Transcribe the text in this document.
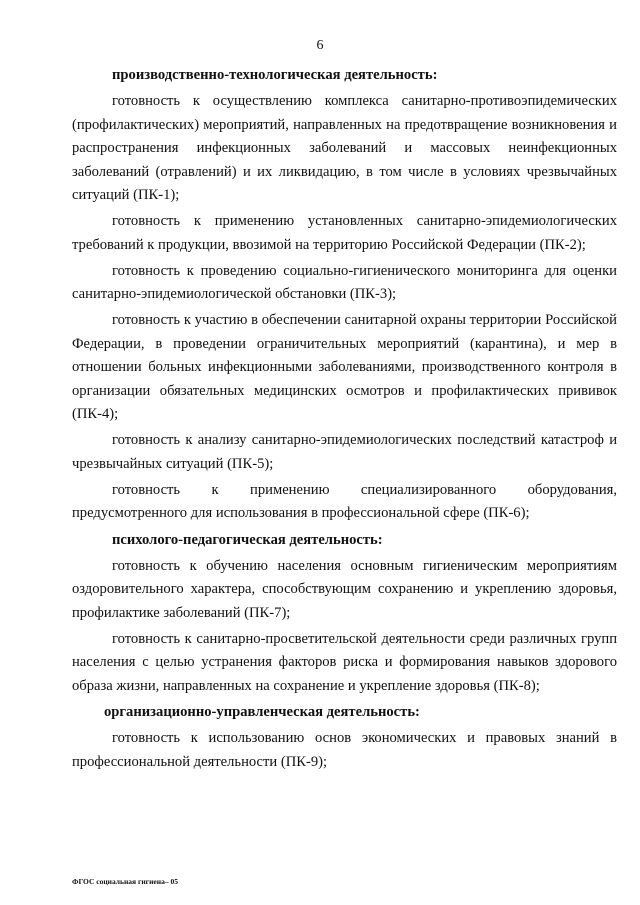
6

производственно-технологическая деятельность:

готовность к осуществлению комплекса санитарно-противоэпидемических (профилактических) мероприятий, направленных на предотвращение возникновения и распространения инфекционных заболеваний и массовых неинфекционных заболеваний (отравлений) и их ликвидацию, в том числе в условиях чрезвычайных ситуаций (ПК-1);

готовность к применению установленных санитарно-эпидемиологических требований к продукции, ввозимой на территорию Российской Федерации (ПК-2);

готовность к проведению социально-гигиенического мониторинга для оценки санитарно-эпидемиологической обстановки (ПК-3);

готовность к участию в обеспечении санитарной охраны территории Российской Федерации, в проведении ограничительных мероприятий (карантина), и мер в отношении больных инфекционными заболеваниями, производственного контроля в организации обязательных медицинских осмотров и профилактических прививок (ПК-4);

готовность к анализу санитарно-эпидемиологических последствий катастроф и чрезвычайных ситуаций (ПК-5);

готовность к применению специализированного оборудования, предусмотренного для использования в профессиональной сфере (ПК-6);

психолого-педагогическая деятельность:

готовность к обучению населения основным гигиеническим мероприятиям оздоровительного характера, способствующим сохранению и укреплению здоровья, профилактике заболеваний (ПК-7);

готовность к санитарно-просветительской деятельности среди различных групп населения с целью устранения факторов риска и формирования навыков здорового образа жизни, направленных на сохранение и укрепление здоровья (ПК-8);

организационно-управленческая деятельность:

готовность к использованию основ экономических и правовых знаний в профессиональной деятельности (ПК-9);

ФГОС социальная гигиена– 05
